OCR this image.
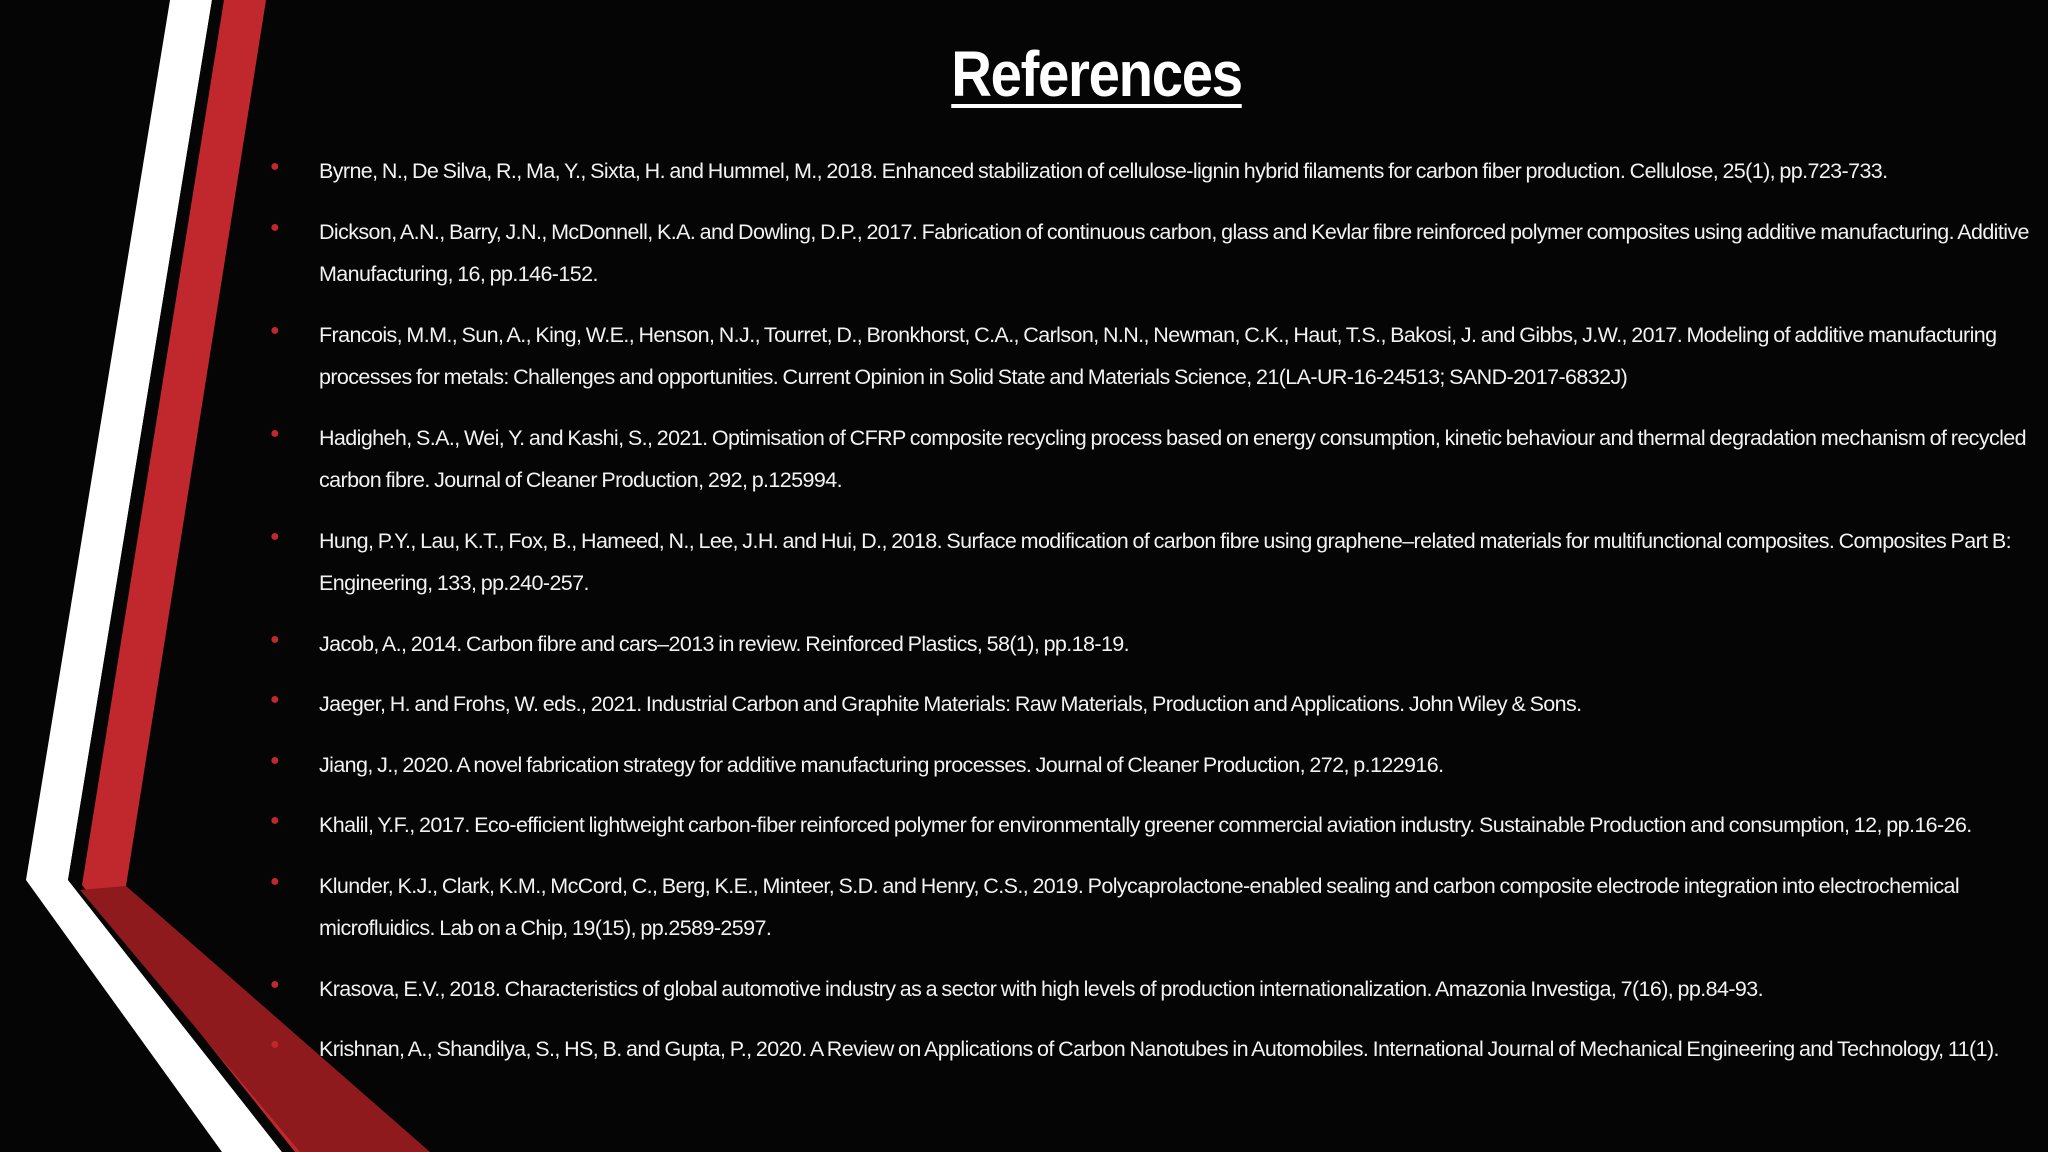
References
● Byrne, N., De Silva, R., Ma, Y., Sixta, H. and Hummel, M., 2018. Enhanced stabilization of cellulose-lignin hybrid filaments for carbon fiber production. Cellulose, 25(1), pp.723-733.
● Dickson, A.N., Barry, J.N., McDonnell, K.A. and Dowling, D.P., 2017. Fabrication of continuous carbon, glass and Kevlar fibre reinforced polymer composites using additive manufacturing. Additive Manufacturing, 16, pp.146-152.
● Francois, M.M., Sun, A., King, W.E., Henson, N.J., Tourret, D., Bronkhorst, C.A., Carlson, N.N., Newman, C.K., Haut, T.S., Bakosi, J. and Gibbs, J.W., 2017. Modeling of additive manufacturing processes for metals: Challenges and opportunities. Current Opinion in Solid State and Materials Science, 21(LA-UR-16-24513; SAND-2017-6832J)
● Hadigheh, S.A., Wei, Y. and Kashi, S., 2021. Optimisation of CFRP composite recycling process based on energy consumption, kinetic behaviour and thermal degradation mechanism of recycled carbon fibre. Journal of Cleaner Production, 292, p.125994.
● Hung, P.Y., Lau, K.T., Fox, B., Hameed, N., Lee, J.H. and Hui, D., 2018. Surface modification of carbon fibre using graphene–related materials for multifunctional composites. Composites Part B: Engineering, 133, pp.240-257.
● Jacob, A., 2014. Carbon fibre and cars–2013 in review. Reinforced Plastics, 58(1), pp.18-19.
● Jaeger, H. and Frohs, W. eds., 2021. Industrial Carbon and Graphite Materials: Raw Materials, Production and Applications. John Wiley & Sons.
● Jiang, J., 2020. A novel fabrication strategy for additive manufacturing processes. Journal of Cleaner Production, 272, p.122916.
● Khalil, Y.F., 2017. Eco-efficient lightweight carbon-fiber reinforced polymer for environmentally greener commercial aviation industry. Sustainable Production and consumption, 12, pp.16-26.
● Klunder, K.J., Clark, K.M., McCord, C., Berg, K.E., Minteer, S.D. and Henry, C.S., 2019. Polycaprolactone-enabled sealing and carbon composite electrode integration into electrochemical microfluidics. Lab on a Chip, 19(15), pp.2589-2597.
● Krasova, E.V., 2018. Characteristics of global automotive industry as a sector with high levels of production internationalization. Amazonia Investiga, 7(16), pp.84-93.
● Krishnan, A., Shandilya, S., HS, B. and Gupta, P., 2020. A Review on Applications of Carbon Nanotubes in Automobiles. International Journal of Mechanical Engineering and Technology, 11(1).
